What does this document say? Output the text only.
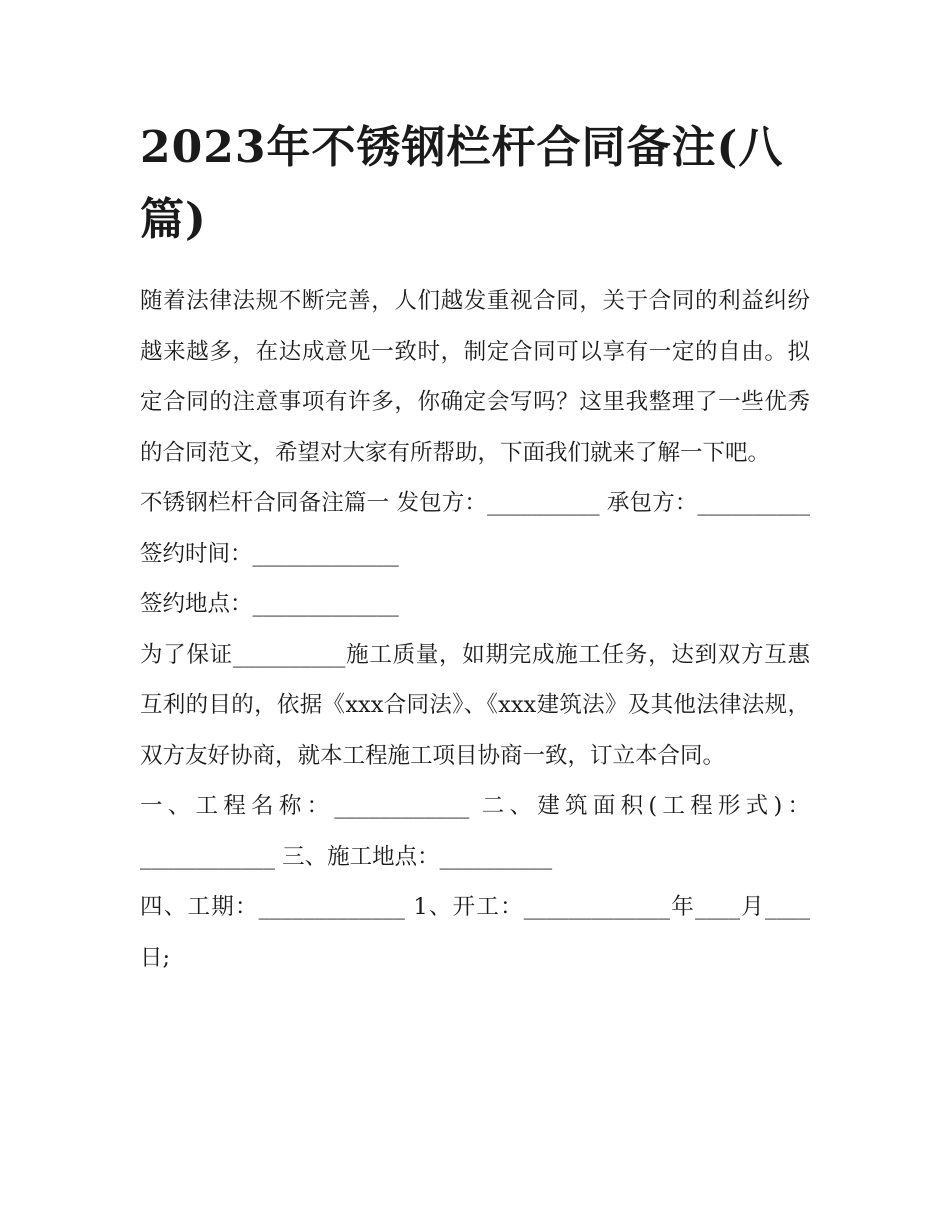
2023年不锈钢栏杆合同备注(八篇)

随着法律法规不断完善，人们越发重视合同，关于合同的利益纠纷越来越多，在达成意见一致时，制定合同可以享有一定的自由。拟定合同的注意事项有许多，你确定会写吗？这里我整理了一些优秀的合同范文，希望对大家有所帮助，下面我们就来了解一下吧。

不锈钢栏杆合同备注篇一 发包方：__________ 承包方：__________ 签约时间：_____________

签约地点：_____________

为了保证__________施工质量，如期完成施工任务，达到双方互惠互利的目的，依据《xxx合同法》、《xxx建筑法》及其他法律法规，双方友好协商，就本工程施工项目协商一致，订立本合同。

一、工程名称：____________ 二、建筑面积(工程形式)：____________ 三、施工地点：__________

四、工期：_____________ 1、开工：_____________年____月____日;
